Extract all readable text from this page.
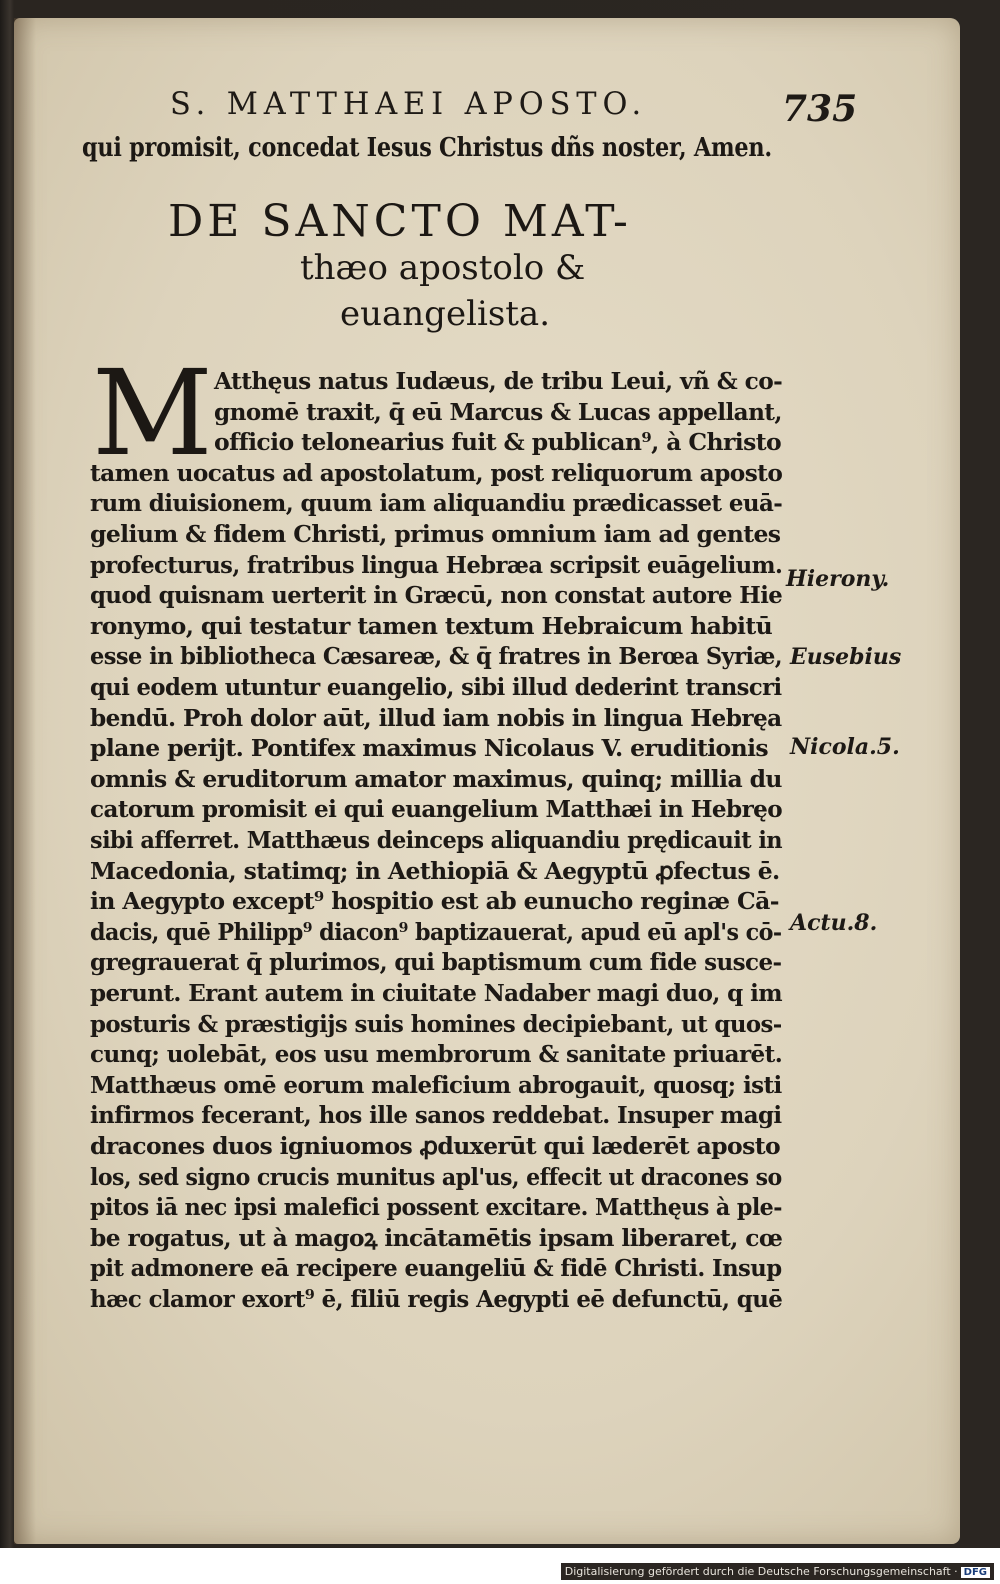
S. MATTHAEI APOSTO.	735
qui promisit, concedat Iesus Christus dñs noster, Amen.
DE SANCTO MAT-
thæo apostolo &
euangelista.
M Atthęus natus Iudæus, de tribu Leui, vñ & co-
gnomē traxit, q̄ eū Marcus & Lucas appellant,
officio telonearius fuit & publican⁹, à Christo
tamen uocatus ad apostolatum, post reliquorum aposto
rum diuisionem, quum iam aliquandiu prædicasset euā-
gelium & fidem Christi, primus omnium iam ad gentes
profecturus, fratribus lingua Hebræa scripsit euāgelium.
quod quisnam uerterit in Græcū, non constat autore Hie
ronymo, qui testatur tamen textum Hebraicum habitū
esse in bibliotheca Cæsareæ, & q̄ fratres in Berœa Syriæ,
qui eodem utuntur euangelio, sibi illud dederint transcri
bendū. Proh dolor aūt, illud iam nobis in lingua Hebręa
plane perijt. Pontifex maximus Nicolaus V. eruditionis
omnis & eruditorum amator maximus, quinq; millia du
catorum promisit ei qui euangelium Matthæi in Hebręo
sibi afferret. Matthæus deinceps aliquandiu prędicauit in
Macedonia, statimq; in Aethiopiā & Aegyptū ꝓfectus ē.
in Aegypto except⁹ hospitio est ab eunucho reginæ Cā-
dacis, quē Philipp⁹ diacon⁹ baptizauerat, apud eū apl's cō-
gregrauerat q̄ plurimos, qui baptismum cum fide susce-
perunt. Erant autem in ciuitate Nadaber magi duo, q im
posturis & præstigijs suis homines decipiebant, ut quos-
cunq; uolebāt, eos usu membrorum & sanitate priuarēt.
Matthæus omē eorum maleficium abrogauit, quosq; isti
infirmos fecerant, hos ille sanos reddebat. Insuper magi
dracones duos igniuomos ꝓduxerūt qui læderēt aposto
los, sed signo crucis munitus apl'us, effecit ut dracones so
pitos iā nec ipsi malefici possent excitare. Matthęus à ple-
be rogatus, ut à magoꝝ incātamētis ipsam liberaret, cœ
pit admonere eā recipere euangeliū & fidē Christi. Insup
hæc clamor exort⁹ ē, filiū regis Aegypti eē defunctū, quē
Hierony.
Eusebius
Nicola.5.
Actu.8.
Digitalisierung gefördert durch die Deutsche Forschungsgemeinschaft · DFG
